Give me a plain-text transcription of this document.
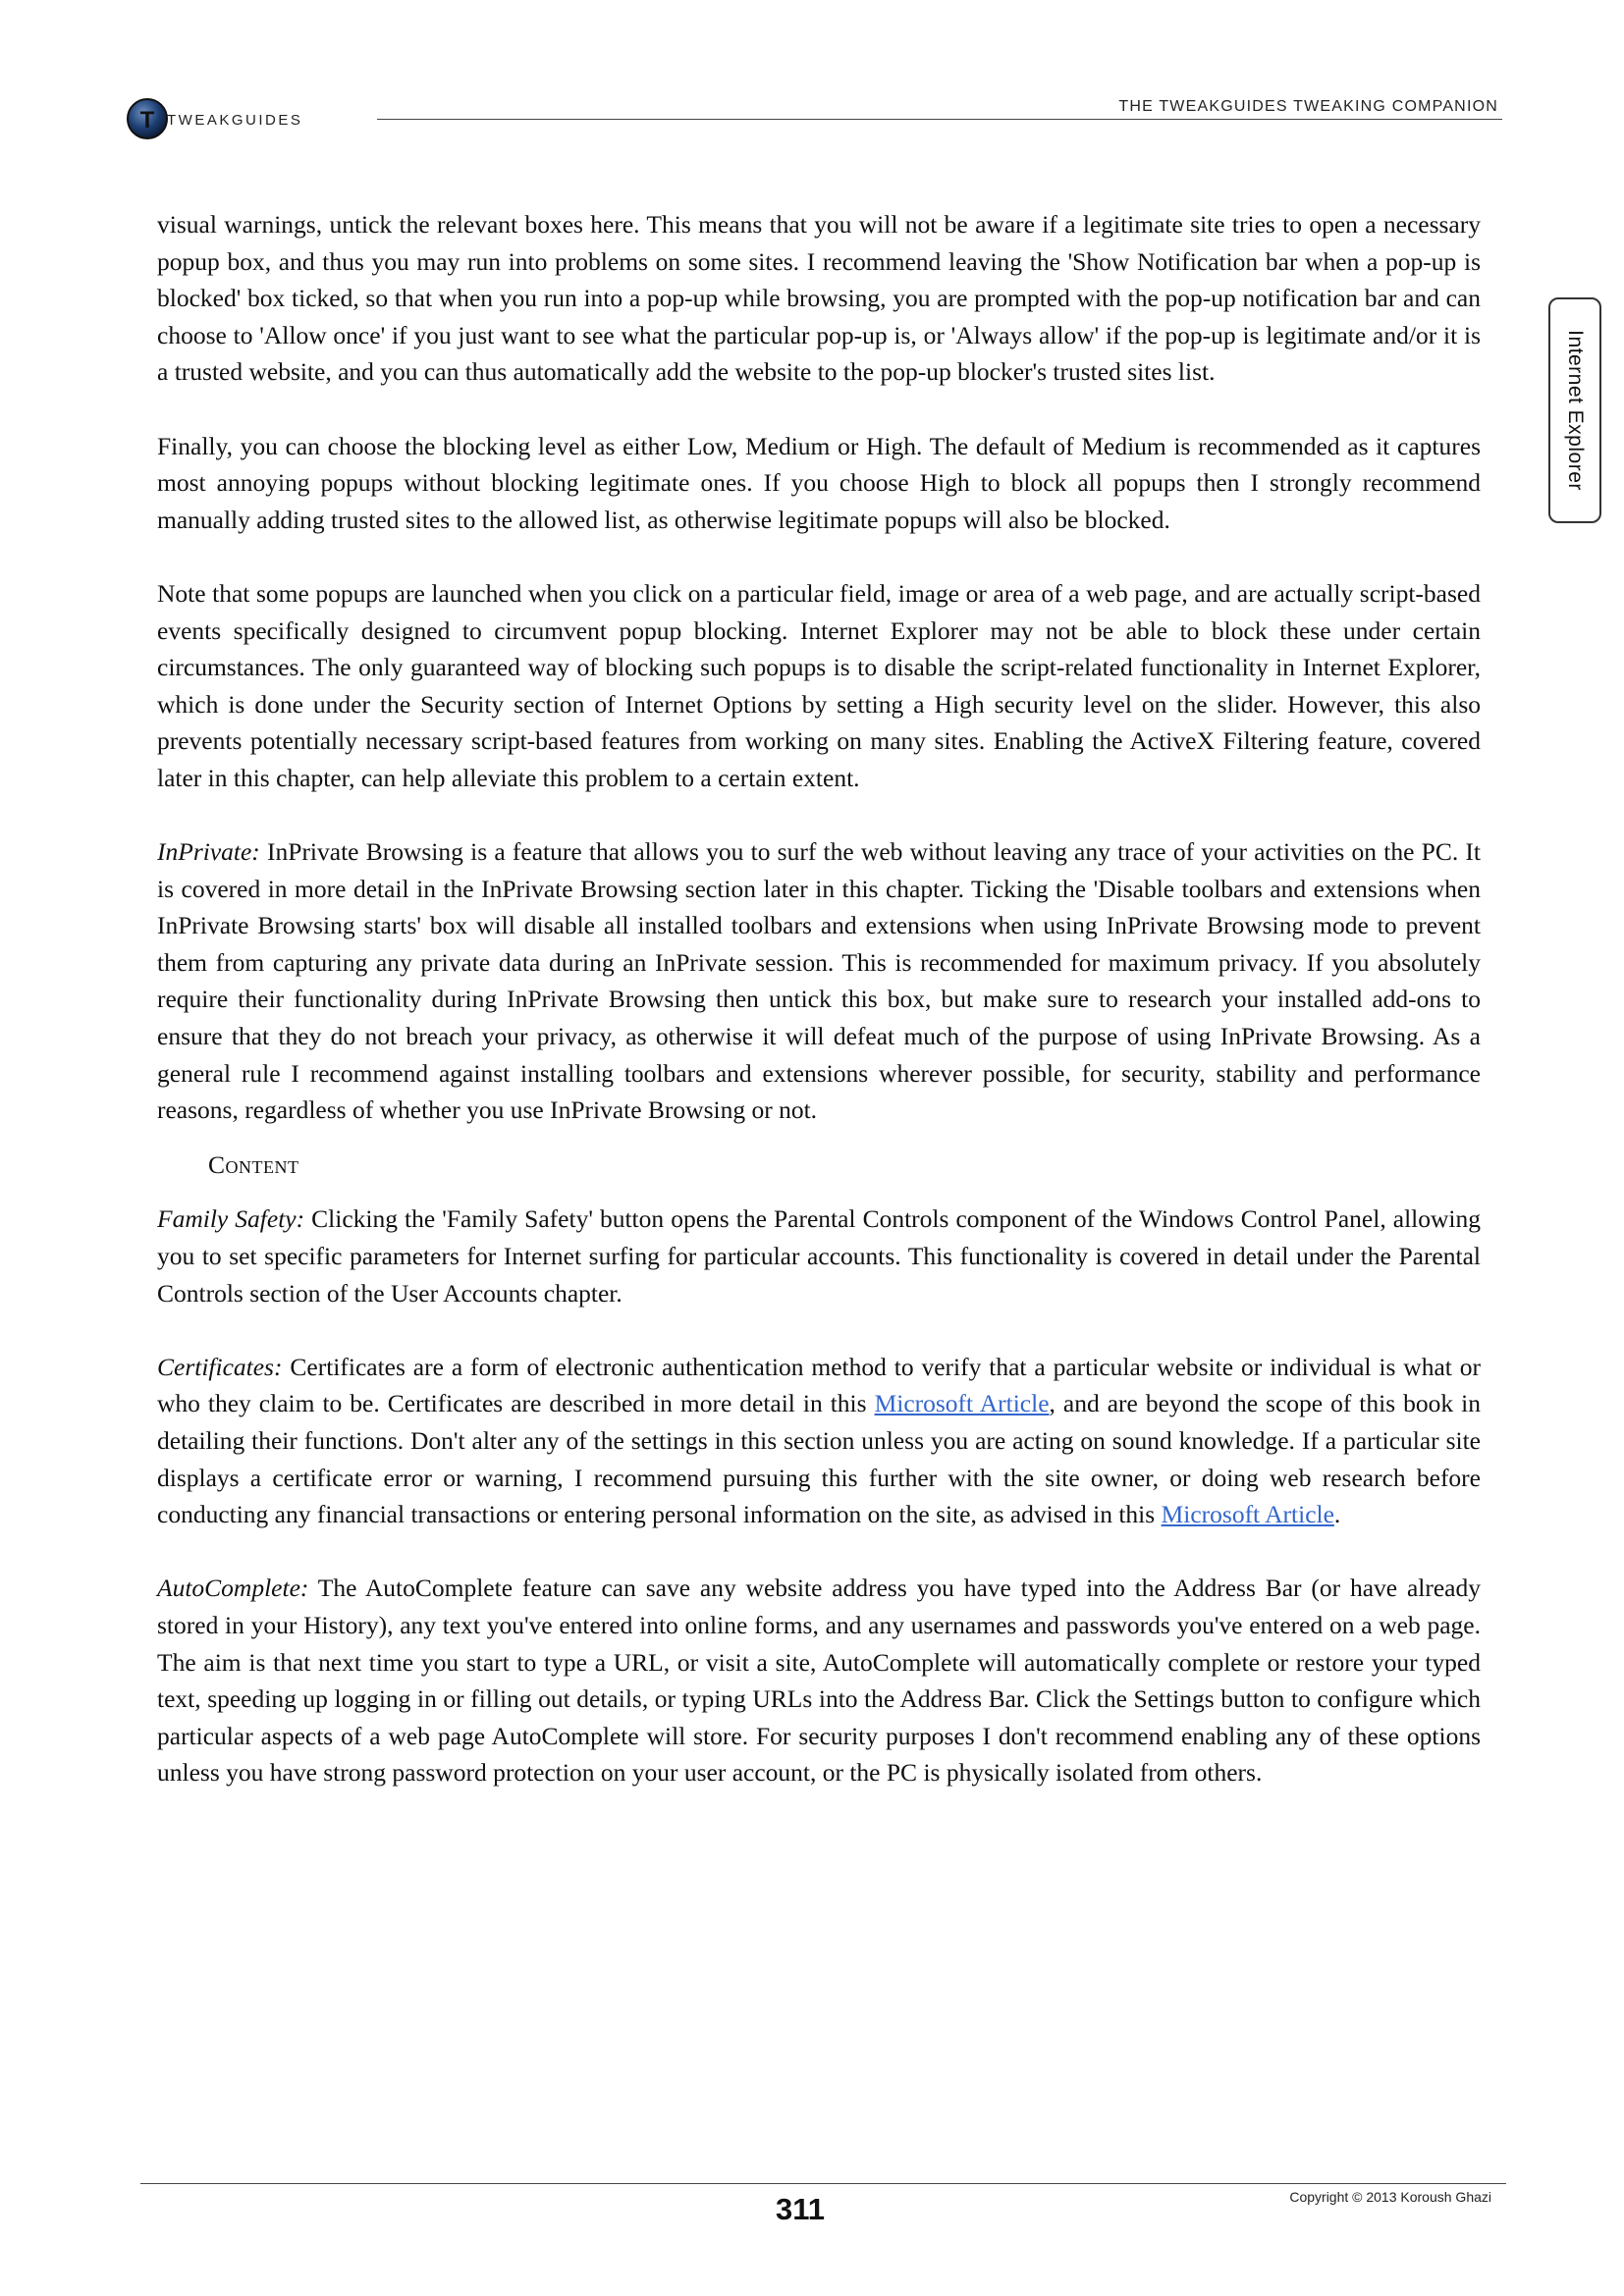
T TWEAKGUIDES
THE TWEAKGUIDES TWEAKING COMPANION
Internet Explorer

visual warnings, untick the relevant boxes here. This means that you will not be aware if a legitimate site tries to open a necessary popup box, and thus you may run into problems on some sites. I recommend leaving the 'Show Notification bar when a pop-up is blocked' box ticked, so that when you run into a pop-up while browsing, you are prompted with the pop-up notification bar and can choose to 'Allow once' if you just want to see what the particular pop-up is, or 'Always allow' if the pop-up is legitimate and/or it is a trusted website, and you can thus automatically add the website to the pop-up blocker's trusted sites list.

Finally, you can choose the blocking level as either Low, Medium or High. The default of Medium is recommended as it captures most annoying popups without blocking legitimate ones. If you choose High to block all popups then I strongly recommend manually adding trusted sites to the allowed list, as otherwise legitimate popups will also be blocked.

Note that some popups are launched when you click on a particular field, image or area of a web page, and are actually script-based events specifically designed to circumvent popup blocking. Internet Explorer may not be able to block these under certain circumstances. The only guaranteed way of blocking such popups is to disable the script-related functionality in Internet Explorer, which is done under the Security section of Internet Options by setting a High security level on the slider. However, this also prevents potentially necessary script-based features from working on many sites. Enabling the ActiveX Filtering feature, covered later in this chapter, can help alleviate this problem to a certain extent.

InPrivate: InPrivate Browsing is a feature that allows you to surf the web without leaving any trace of your activities on the PC. It is covered in more detail in the InPrivate Browsing section later in this chapter. Ticking the 'Disable toolbars and extensions when InPrivate Browsing starts' box will disable all installed toolbars and extensions when using InPrivate Browsing mode to prevent them from capturing any private data during an InPrivate session. This is recommended for maximum privacy. If you absolutely require their functionality during InPrivate Browsing then untick this box, but make sure to research your installed add-ons to ensure that they do not breach your privacy, as otherwise it will defeat much of the purpose of using InPrivate Browsing. As a general rule I recommend against installing toolbars and extensions wherever possible, for security, stability and performance reasons, regardless of whether you use InPrivate Browsing or not.

Content

Family Safety: Clicking the 'Family Safety' button opens the Parental Controls component of the Windows Control Panel, allowing you to set specific parameters for Internet surfing for particular accounts. This functionality is covered in detail under the Parental Controls section of the User Accounts chapter.

Certificates: Certificates are a form of electronic authentication method to verify that a particular website or individual is what or who they claim to be. Certificates are described in more detail in this Microsoft Article, and are beyond the scope of this book in detailing their functions. Don't alter any of the settings in this section unless you are acting on sound knowledge. If a particular site displays a certificate error or warning, I recommend pursuing this further with the site owner, or doing web research before conducting any financial transactions or entering personal information on the site, as advised in this Microsoft Article.

AutoComplete: The AutoComplete feature can save any website address you have typed into the Address Bar (or have already stored in your History), any text you've entered into online forms, and any usernames and passwords you've entered on a web page. The aim is that next time you start to type a URL, or visit a site, AutoComplete will automatically complete or restore your typed text, speeding up logging in or filling out details, or typing URLs into the Address Bar. Click the Settings button to configure which particular aspects of a web page AutoComplete will store. For security purposes I don't recommend enabling any of these options unless you have strong password protection on your user account, or the PC is physically isolated from others.

311	Copyright © 2013 Koroush Ghazi
